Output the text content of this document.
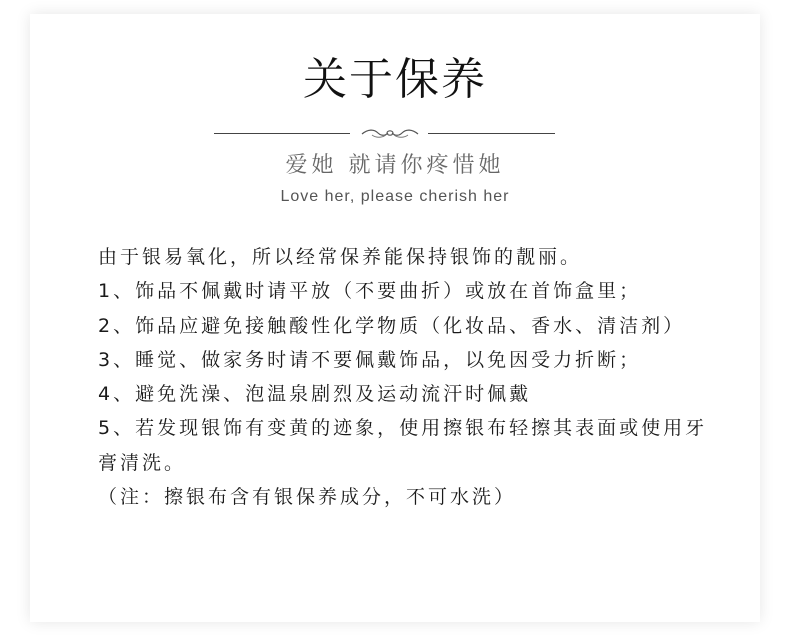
关于保养
爱她 就请你疼惜她
Love her, please cherish her

由于银易氧化，所以经常保养能保持银饰的靓丽。

1、饰品不佩戴时请平放（不要曲折）或放在首饰盒里；

2、饰品应避免接触酸性化学物质（化妆品、香水、清洁剂）

3、睡觉、做家务时请不要佩戴饰品，以免因受力折断；

4、避免洗澡、泡温泉剧烈及运动流汗时佩戴

5、若发现银饰有变黄的迹象，使用擦银布轻擦其表面或使用牙膏清洗。

（注：擦银布含有银保养成分，不可水洗）
